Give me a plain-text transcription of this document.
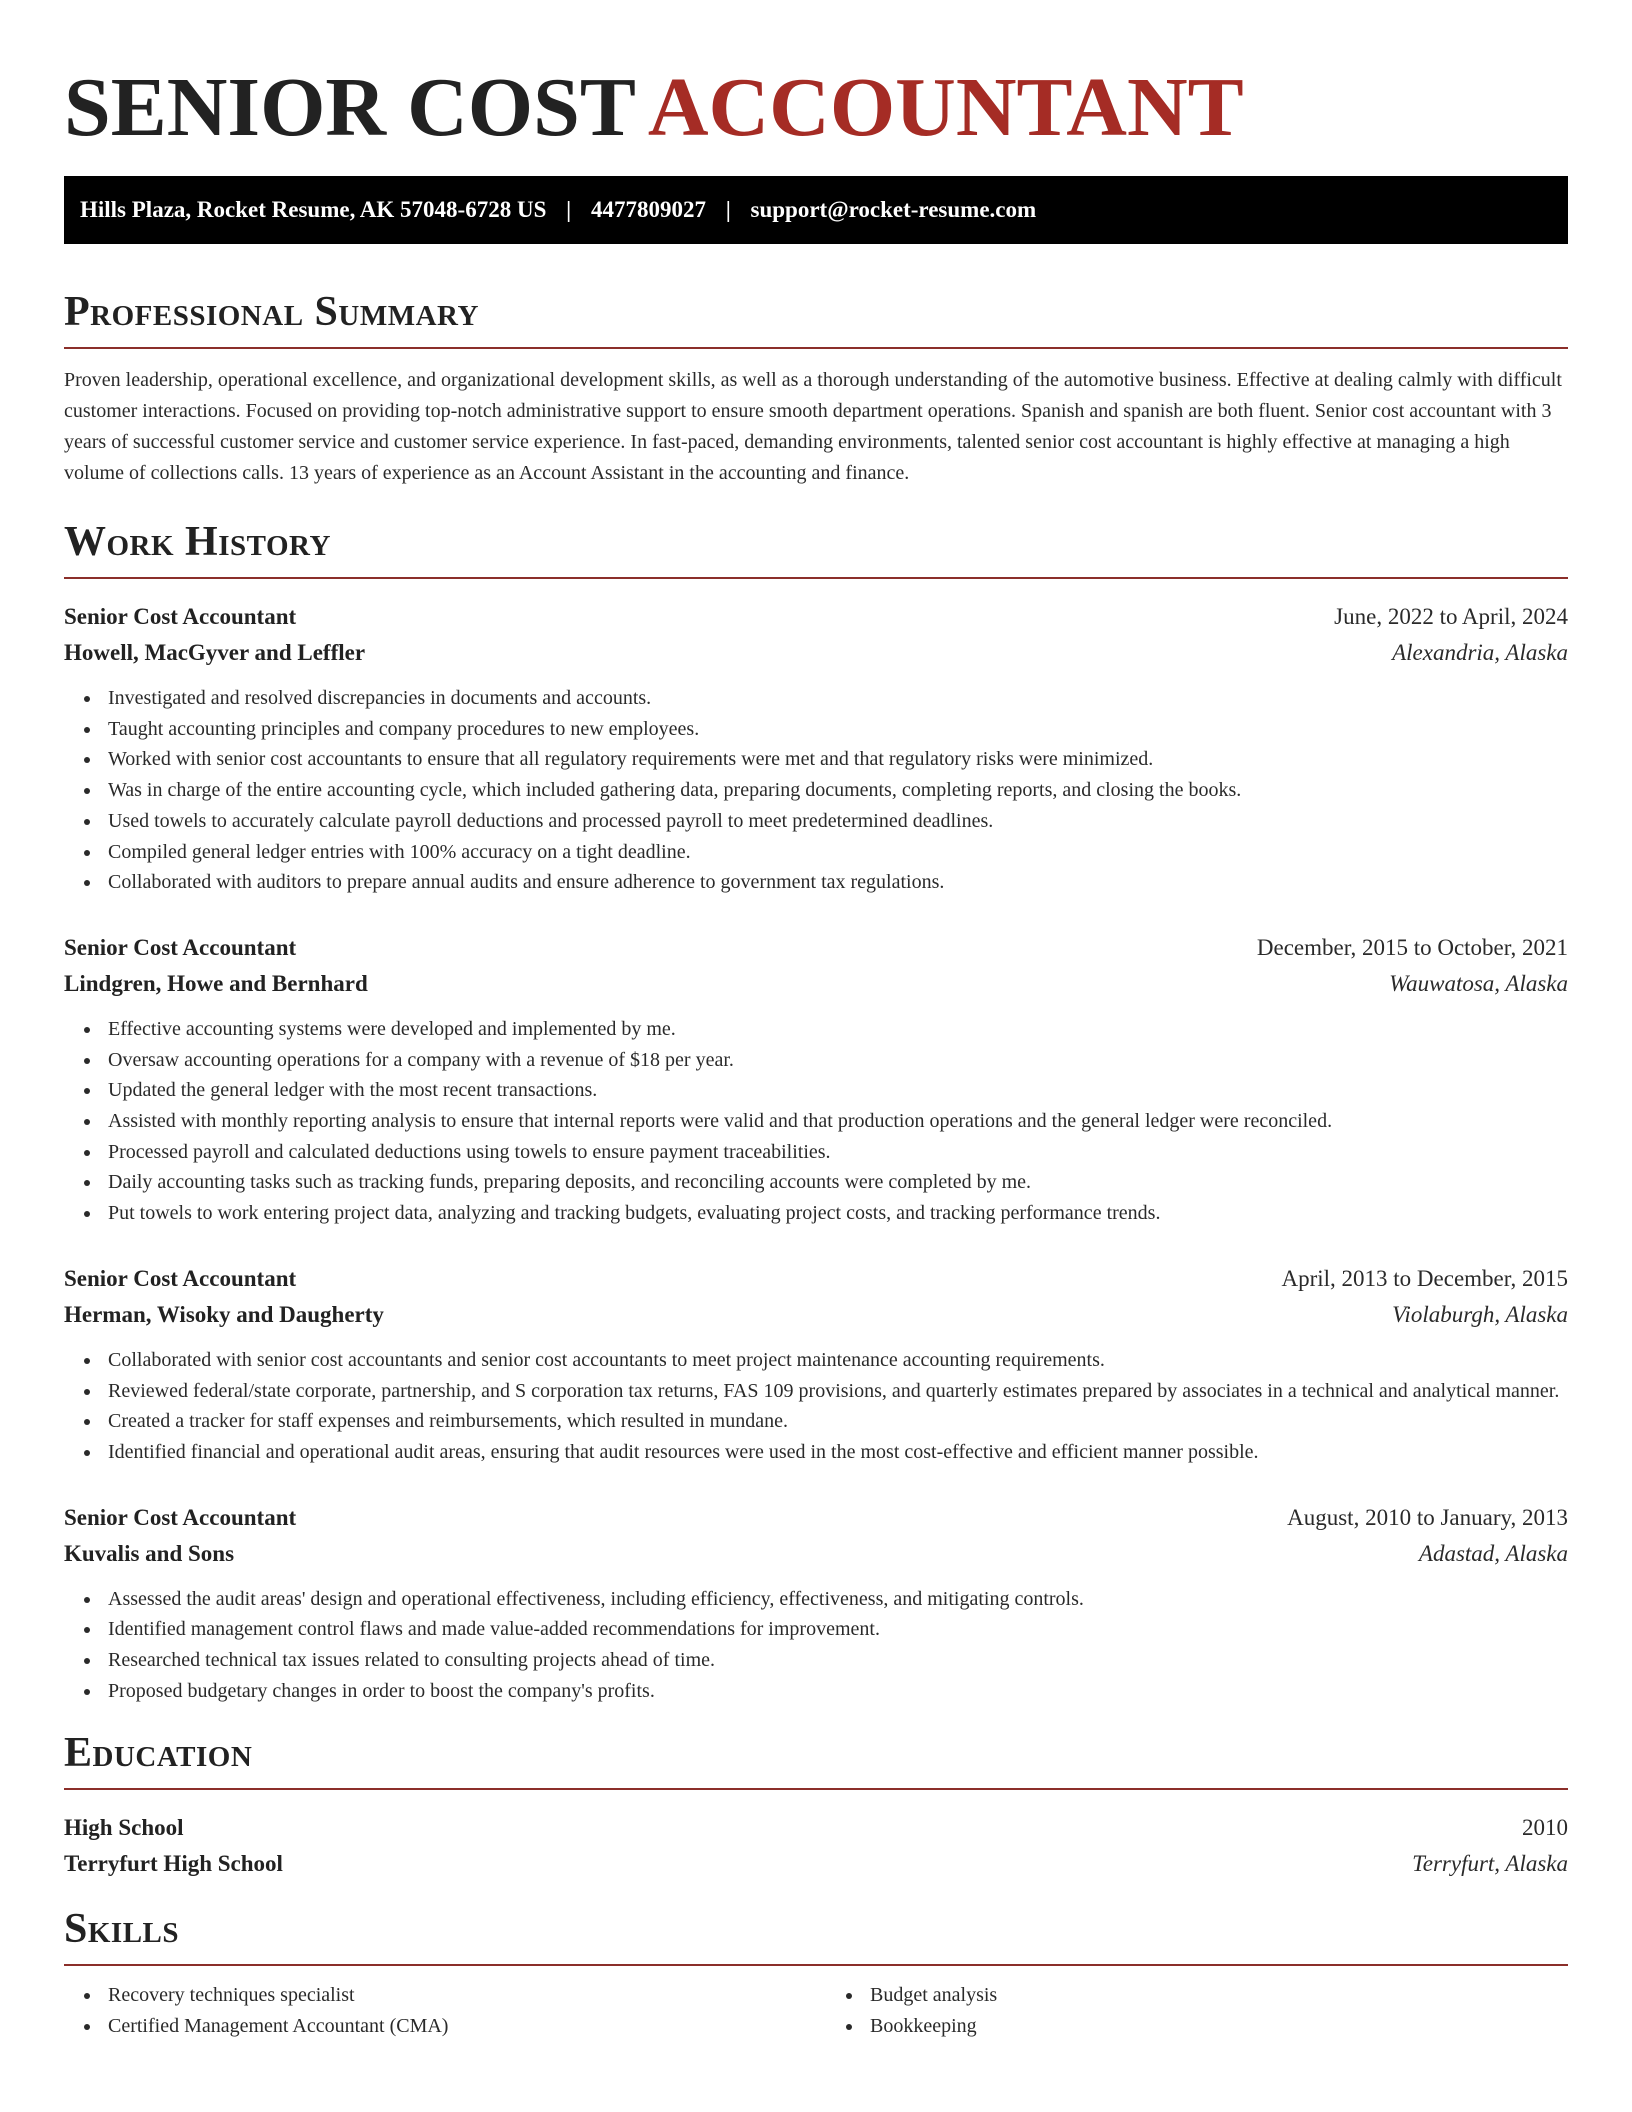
SENIOR COST ACCOUNTANT
Hills Plaza, Rocket Resume, AK 57048-6728 US | 4477809027 | support@rocket-resume.com
Professional Summary

Proven leadership, operational excellence, and organizational development skills, as well as a thorough understanding of the automotive business. Effective at dealing calmly with difficult customer interactions. Focused on providing top-notch administrative support to ensure smooth department operations. Spanish and spanish are both fluent. Senior cost accountant with 3 years of successful customer service and customer service experience. In fast-paced, demanding environments, talented senior cost accountant is highly effective at managing a high volume of collections calls. 13 years of experience as an Account Assistant in the accounting and finance.

Work History
Senior Cost Accountant	June, 2022 to April, 2024
Howell, MacGyver and Leffler	Alexandria, Alaska
Investigated and resolved discrepancies in documents and accounts.
Taught accounting principles and company procedures to new employees.
Worked with senior cost accountants to ensure that all regulatory requirements were met and that regulatory risks were minimized.
Was in charge of the entire accounting cycle, which included gathering data, preparing documents, completing reports, and closing the books.
Used towels to accurately calculate payroll deductions and processed payroll to meet predetermined deadlines.
Compiled general ledger entries with 100% accuracy on a tight deadline.
Collaborated with auditors to prepare annual audits and ensure adherence to government tax regulations.
Senior Cost Accountant	December, 2015 to October, 2021
Lindgren, Howe and Bernhard	Wauwatosa, Alaska
Effective accounting systems were developed and implemented by me.
Oversaw accounting operations for a company with a revenue of $18 per year.
Updated the general ledger with the most recent transactions.
Assisted with monthly reporting analysis to ensure that internal reports were valid and that production operations and the general ledger were reconciled.
Processed payroll and calculated deductions using towels to ensure payment traceabilities.
Daily accounting tasks such as tracking funds, preparing deposits, and reconciling accounts were completed by me.
Put towels to work entering project data, analyzing and tracking budgets, evaluating project costs, and tracking performance trends.
Senior Cost Accountant	April, 2013 to December, 2015
Herman, Wisoky and Daugherty	Violaburgh, Alaska
Collaborated with senior cost accountants and senior cost accountants to meet project maintenance accounting requirements.
Reviewed federal/state corporate, partnership, and S corporation tax returns, FAS 109 provisions, and quarterly estimates prepared by associates in a technical and analytical manner.
Created a tracker for staff expenses and reimbursements, which resulted in mundane.
Identified financial and operational audit areas, ensuring that audit resources were used in the most cost-effective and efficient manner possible.
Senior Cost Accountant	August, 2010 to January, 2013
Kuvalis and Sons	Adastad, Alaska
Assessed the audit areas' design and operational effectiveness, including efficiency, effectiveness, and mitigating controls.
Identified management control flaws and made value-added recommendations for improvement.
Researched technical tax issues related to consulting projects ahead of time.
Proposed budgetary changes in order to boost the company's profits.
Education
High School	2010
Terryfurt High School	Terryfurt, Alaska
Skills
Recovery techniques specialist
Certified Management Accountant (CMA)
Budget analysis
Bookkeeping
